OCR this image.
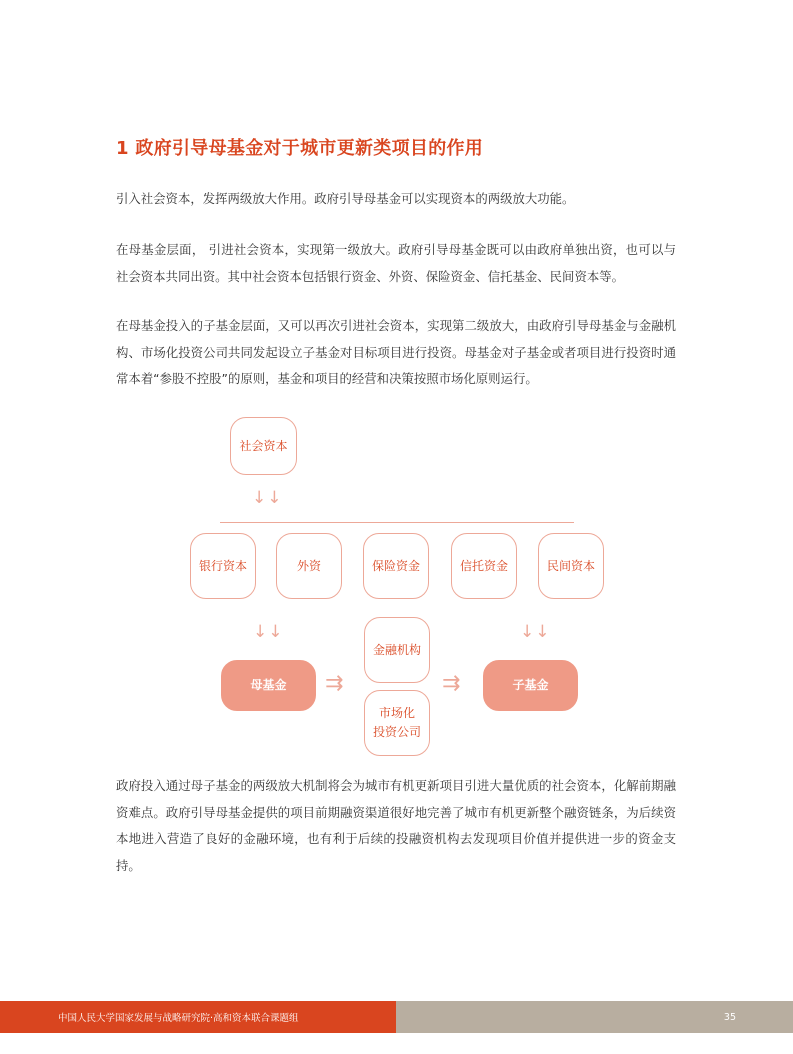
1 政府引导母基金对于城市更新类项目的作用

引入社会资本，发挥两级放大作用。政府引导母基金可以实现资本的两级放大功能。

在母基金层面， 引进社会资本，实现第一级放大。政府引导母基金既可以由政府单独出资，也可以与社会资本共同出资。其中社会资本包括银行资金、外资、保险资金、信托基金、民间资本等。

在母基金投入的子基金层面，又可以再次引进社会资本，实现第二级放大，由政府引导母基金与金融机构、市场化投资公司共同发起设立子基金对目标项目进行投资。母基金对子基金或者项目进行投资时通常本着“参股不控股”的原则，基金和项目的经营和决策按照市场化原则运行。

社会资本
↓↓
银行资本	外资	保险资金	信托资金	民间资本
↓↓	↓↓
金融机构
市场化
投资公司
母基金	子基金
⇉	⇉

政府投入通过母子基金的两级放大机制将会为城市有机更新项目引进大量优质的社会资本，化解前期融资难点。政府引导母基金提供的项目前期融资渠道很好地完善了城市有机更新整个融资链条，为后续资本地进入营造了良好的金融环境，也有利于后续的投融资机构去发现项目价值并提供进一步的资金支持。

中国人民大学国家发展与战略研究院·高和资本联合课题组	35
